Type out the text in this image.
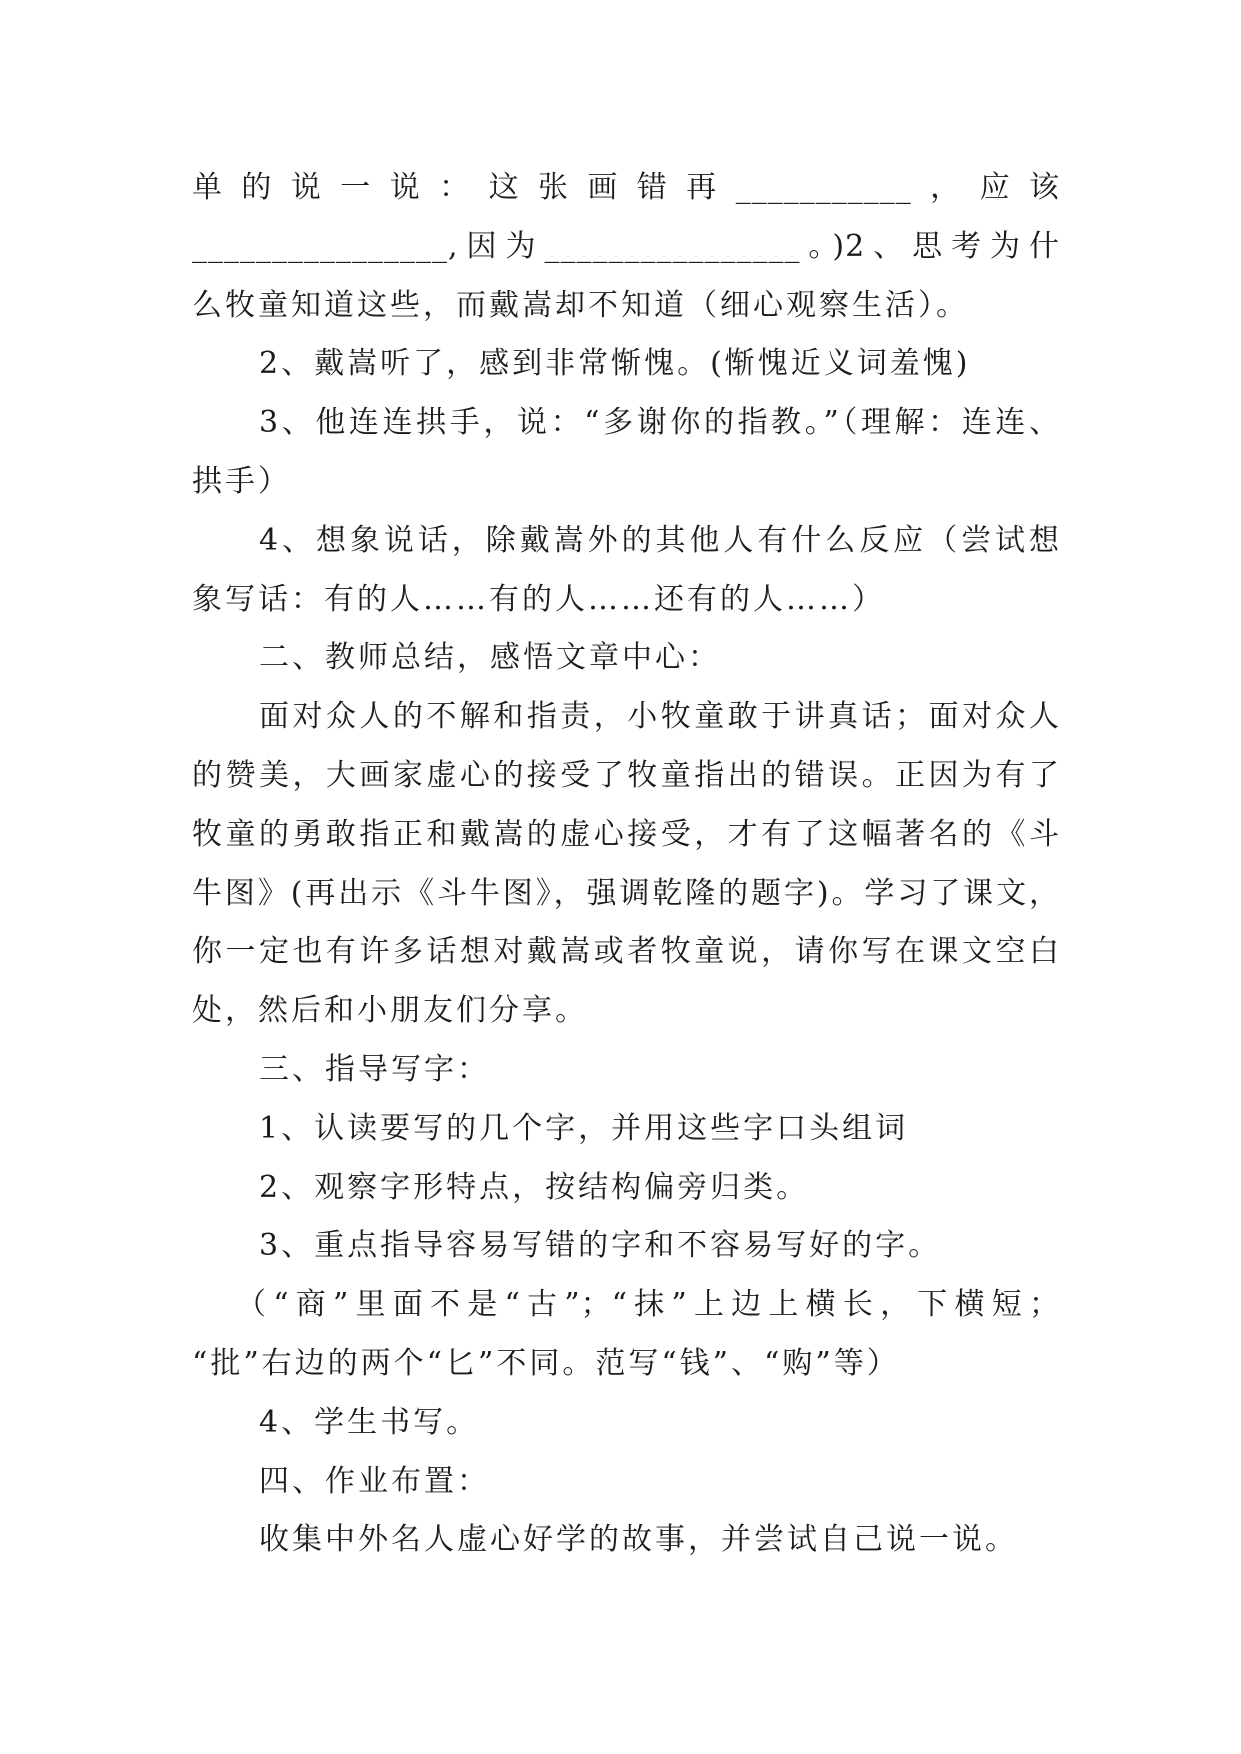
单的说一说：这张画错再___________，应该
________________,因为________________。)2、思考为什
么牧童知道这些，而戴嵩却不知道（细心观察生活）。
2、戴嵩听了，感到非常惭愧。(惭愧近义词羞愧)
3、他连连拱手，说：“多谢你的指教。”（理解：连连、
拱手）
4、想象说话，除戴嵩外的其他人有什么反应（尝试想
象写话：有的人……有的人……还有的人……）
二、教师总结，感悟文章中心：
面对众人的不解和指责，小牧童敢于讲真话；面对众人
的赞美，大画家虚心的接受了牧童指出的错误。正因为有了
牧童的勇敢指正和戴嵩的虚心接受，才有了这幅著名的《斗
牛图》(再出示《斗牛图》，强调乾隆的题字)。学习了课文，
你一定也有许多话想对戴嵩或者牧童说，请你写在课文空白
处，然后和小朋友们分享。
三、指导写字：
1、认读要写的几个字，并用这些字口头组词
2、观察字形特点，按结构偏旁归类。
3、重点指导容易写错的字和不容易写好的字。
（“商”里面不是“古”；“抹”上边上横长，下横短；
“批”右边的两个“匕”不同。范写“钱”、“购”等）
4、学生书写。
四、作业布置：
收集中外名人虚心好学的故事，并尝试自己说一说。
